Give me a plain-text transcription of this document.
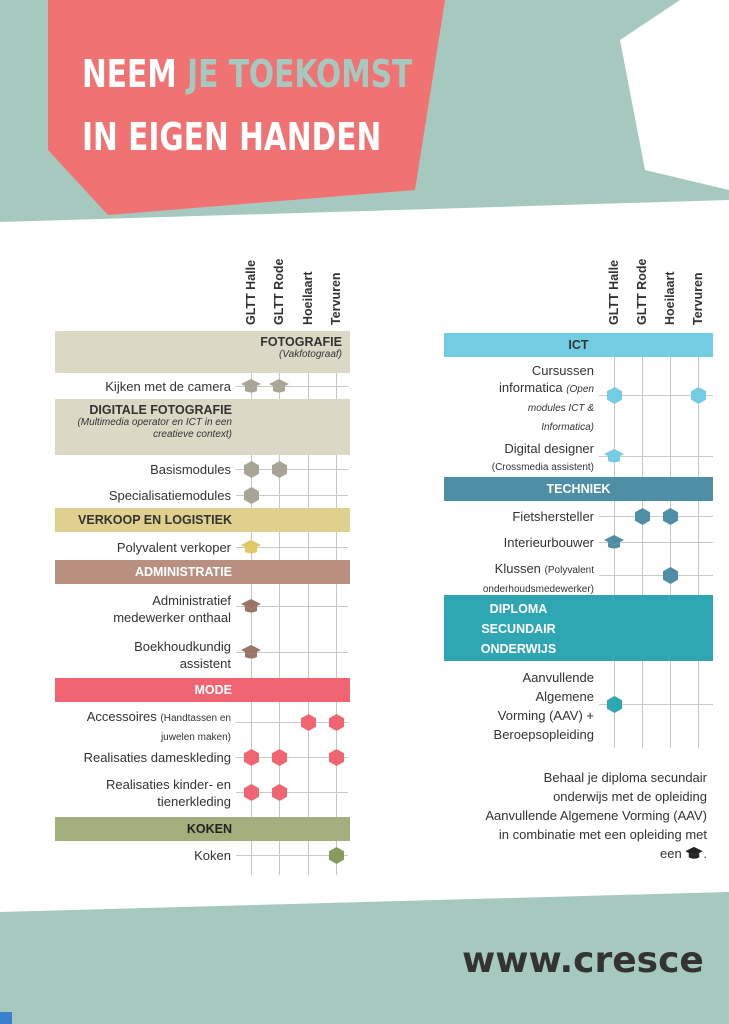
NEEM JE TOEKOMST
IN EIGEN HANDEN
GLTT Halle GLTT Rode Hoeilaart Tervuren
FOTOGRAFIE
(Vakfotograaf)
DIGITALE FOTOGRAFIE
(Multimedia operator en ICT in een creatieve context)
VERKOOP EN LOGISTIEK
ADMINISTRATIE
MODE
KOKEN
Kijken met de camera
Basismodules
Specialisatiemodules
Polyvalent verkoper
Administratief
medewerker onthaal
Boekhoudkundig
assistent
Accessoires (Handtassen en
juwelen maken)
Realisaties dameskleding
Realisaties kinder- en
tienerkleding
Koken
GLTT Halle GLTT Rode Hoeilaart Tervuren
ICT
TECHNIEK
DIPLOMA
SECUNDAIR
ONDERWIJS
Cursussen
informatica (Open
modules ICT &
Informatica)
Digital designer
(Crossmedia assistent)
Fietshersteller
Interieurbouwer
Klussen (Polyvalent
onderhoudsmedewerker)
Aanvullende
Algemene
Vorming (AAV) +
Beroepsopleiding
Behaal je diploma secundair
onderwijs met de opleiding
Aanvullende Algemene Vorming (AAV)
in combinatie met een opleiding met
een .
www.cresce
